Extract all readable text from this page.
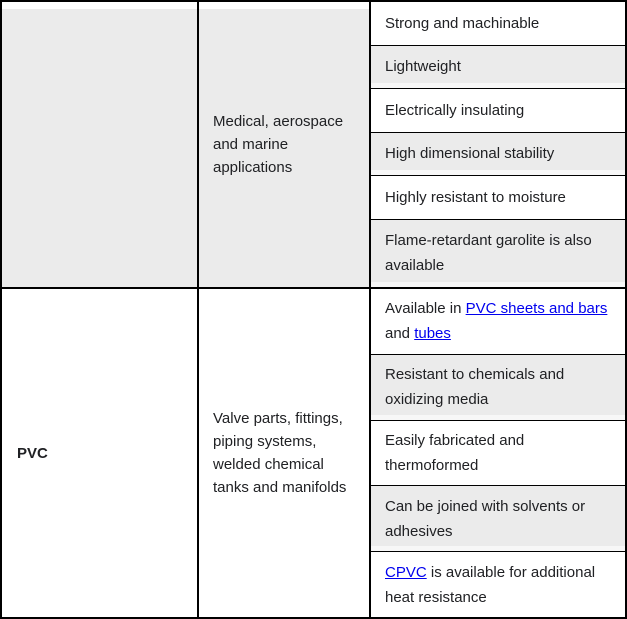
Medical, aerospace and marine applications
Strong and machinable
Lightweight
Electrically insulating
High dimensional stability
Highly resistant to moisture
Flame-retardant garolite is also available
PVC
Valve parts, fittings, piping systems, welded chemical tanks and manifolds
Available in PVC sheets and bars and tubes
Resistant to chemicals and oxidizing media
Easily fabricated and thermoformed
Can be joined with solvents or adhesives
CPVC is available for additional heat resistance
